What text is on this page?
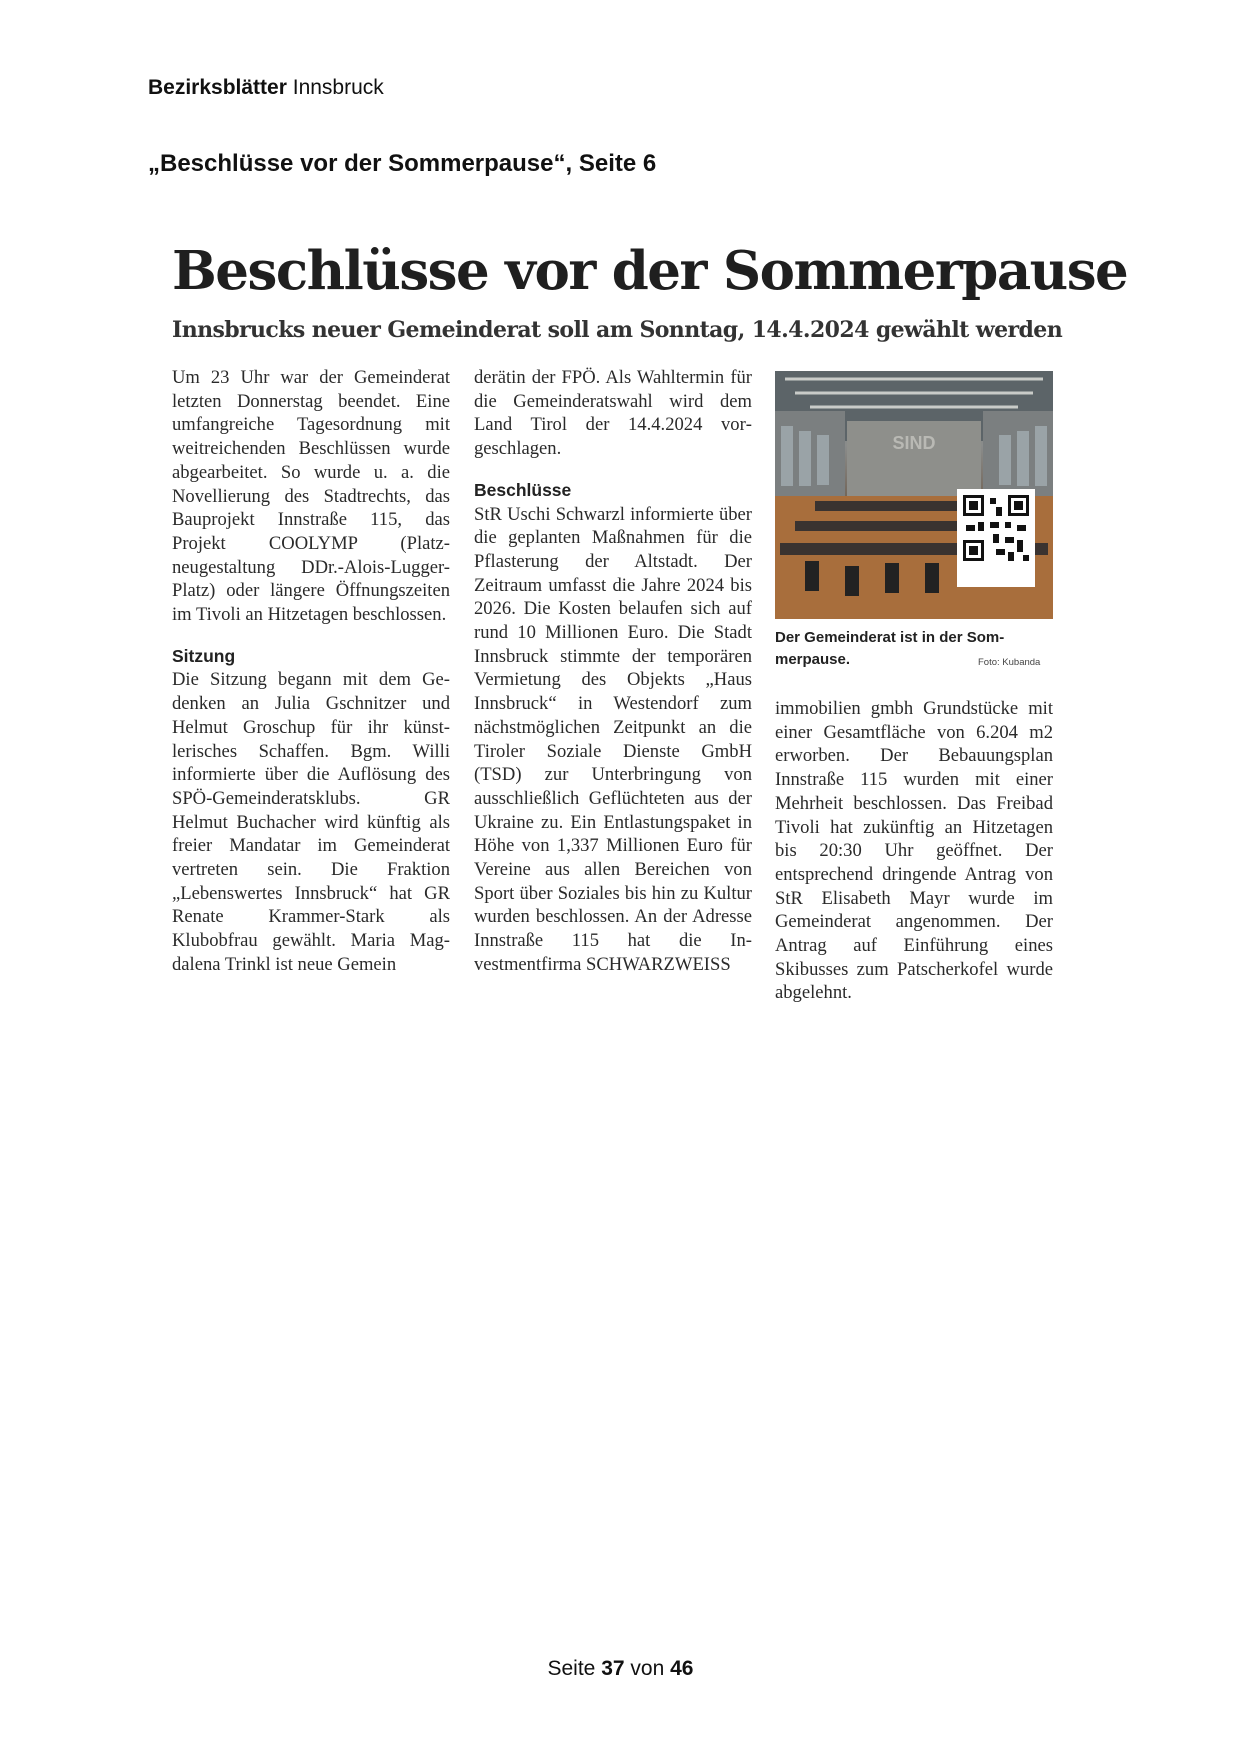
Bezirksblätter Innsbruck
„Beschlüsse vor der Sommerpause“, Seite 6
Beschlüsse vor der Sommerpause
Innsbrucks neuer Gemeinderat soll am Sonntag, 14.4.2024 gewählt werden

Um 23 Uhr war der Gemeinderat letzten Donnerstag beendet. Eine umfangreiche Tagesordnung mit weitreichenden Beschlüssen wurde abgearbeitet. So wurde u. a. die Novellierung des Stadtrechts, das Bauprojekt Innstraße 115, das Projekt COOLYMP (Platzneugestaltung DDr.-Alois-Lugger-Platz) oder längere Öffnungszeiten im Tivoli an Hitzetagen beschlossen.

Sitzung

Die Sitzung begann mit dem Gedenken an Julia Gschnitzer und Helmut Groschup für ihr künstlerisches Schaffen. Bgm. Willi informierte über die Auflösung des SPÖ-Gemeinderatsklubs. GR Helmut Buchacher wird künftig als freier Mandatar im Gemeinderat vertreten sein. Die Fraktion „Lebenswertes Innsbruck“ hat GR Renate Krammer-Stark als Klubobfrau gewählt. Maria Magdalena Trinkl ist neue Gemein

derätin der FPÖ. Als Wahltermin für die Gemeinderatswahl wird dem Land Tirol der 14.4.2024 vorgeschlagen.

Beschlüsse

StR Uschi Schwarzl informierte über die geplanten Maßnahmen für die Pflasterung der Altstadt. Der Zeitraum umfasst die Jahre 2024 bis 2026. Die Kosten belaufen sich auf rund 10 Millionen Euro. Die Stadt Innsbruck stimmte der temporären Vermietung des Objekts „Haus Innsbruck“ in Westendorf zum nächstmöglichen Zeitpunkt an die Tiroler Soziale Dienste GmbH (TSD) zur Unterbringung von ausschließlich Geflüchteten aus der Ukraine zu. Ein Entlastungspaket in Höhe von 1,337 Millionen Euro für Vereine aus allen Bereichen von Sport über Soziales bis hin zu Kultur wurden beschlossen. An der Adresse Innstraße 115 hat die Investmentfirma SCHWARZWEISS

SIND
Der Gemeinderat ist in der Sommerpause.	Foto: Kubanda

immobilien gmbh Grundstücke mit einer Gesamtfläche von 6.204 m2 erworben. Der Bebauungsplan Innstraße 115 wurden mit einer Mehrheit beschlossen. Das Freibad Tivoli hat zukünftig an Hitzetagen bis 20:30 Uhr geöffnet. Der entsprechend dringende Antrag von StR Elisabeth Mayr wurde im Gemeinderat angenommen. Der Antrag auf Einführung eines Skibusses zum Patscherkofel wurde abgelehnt.

Seite 37 von 46
